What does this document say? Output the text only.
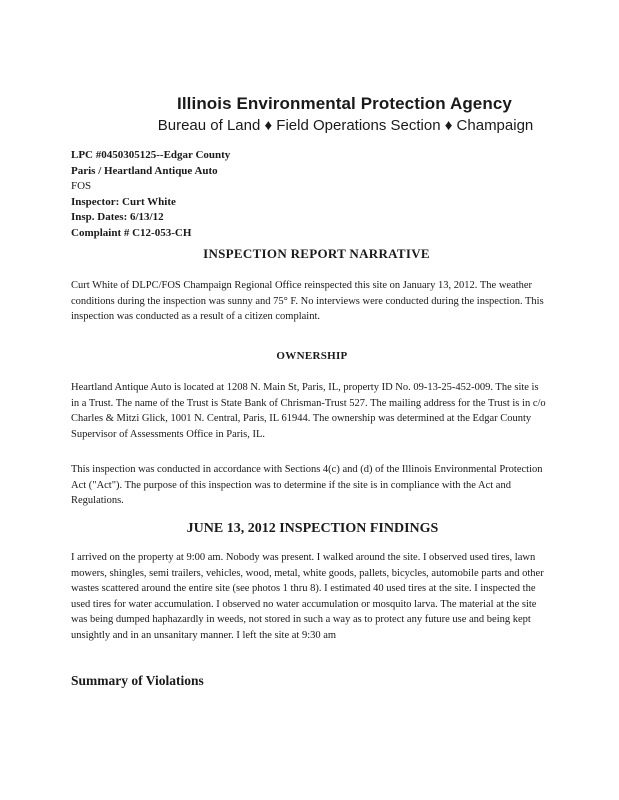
Illinois Environmental Protection Agency
Bureau of Land ♦ Field Operations Section ♦ Champaign
LPC #0450305125--Edgar County
Paris / Heartland Antique Auto
FOS
Inspector: Curt White
Insp. Dates: 6/13/12
Complaint # C12-053-CH
INSPECTION REPORT NARRATIVE

Curt White of DLPC/FOS Champaign Regional Office reinspected this site on January 13, 2012. The weather conditions during the inspection was sunny and 75° F. No interviews were conducted during the inspection. This inspection was conducted as a result of a citizen complaint.

OWNERSHIP

Heartland Antique Auto is located at 1208 N. Main St, Paris, IL, property ID No. 09-13-25-452-009. The site is in a Trust. The name of the Trust is State Bank of Chrisman-Trust 527. The mailing address for the Trust is in c/o Charles & Mitzi Glick, 1001 N. Central, Paris, IL 61944. The ownership was determined at the Edgar County Supervisor of Assessments Office in Paris, IL.

This inspection was conducted in accordance with Sections 4(c) and (d) of the Illinois Environmental Protection Act ("Act"). The purpose of this inspection was to determine if the site is in compliance with the Act and Regulations.

JUNE 13, 2012 INSPECTION FINDINGS

I arrived on the property at 9:00 am. Nobody was present. I walked around the site. I observed used tires, lawn mowers, shingles, semi trailers, vehicles, wood, metal, white goods, pallets, bicycles, automobile parts and other wastes scattered around the entire site (see photos 1 thru 8). I estimated 40 used tires at the site. I inspected the used tires for water accumulation. I observed no water accumulation or mosquito larva. The material at the site was being dumped haphazardly in weeds, not stored in such a way as to protect any future use and being kept unsightly and in an unsanitary manner. I left the site at 9:30 am

Summary of Violations
